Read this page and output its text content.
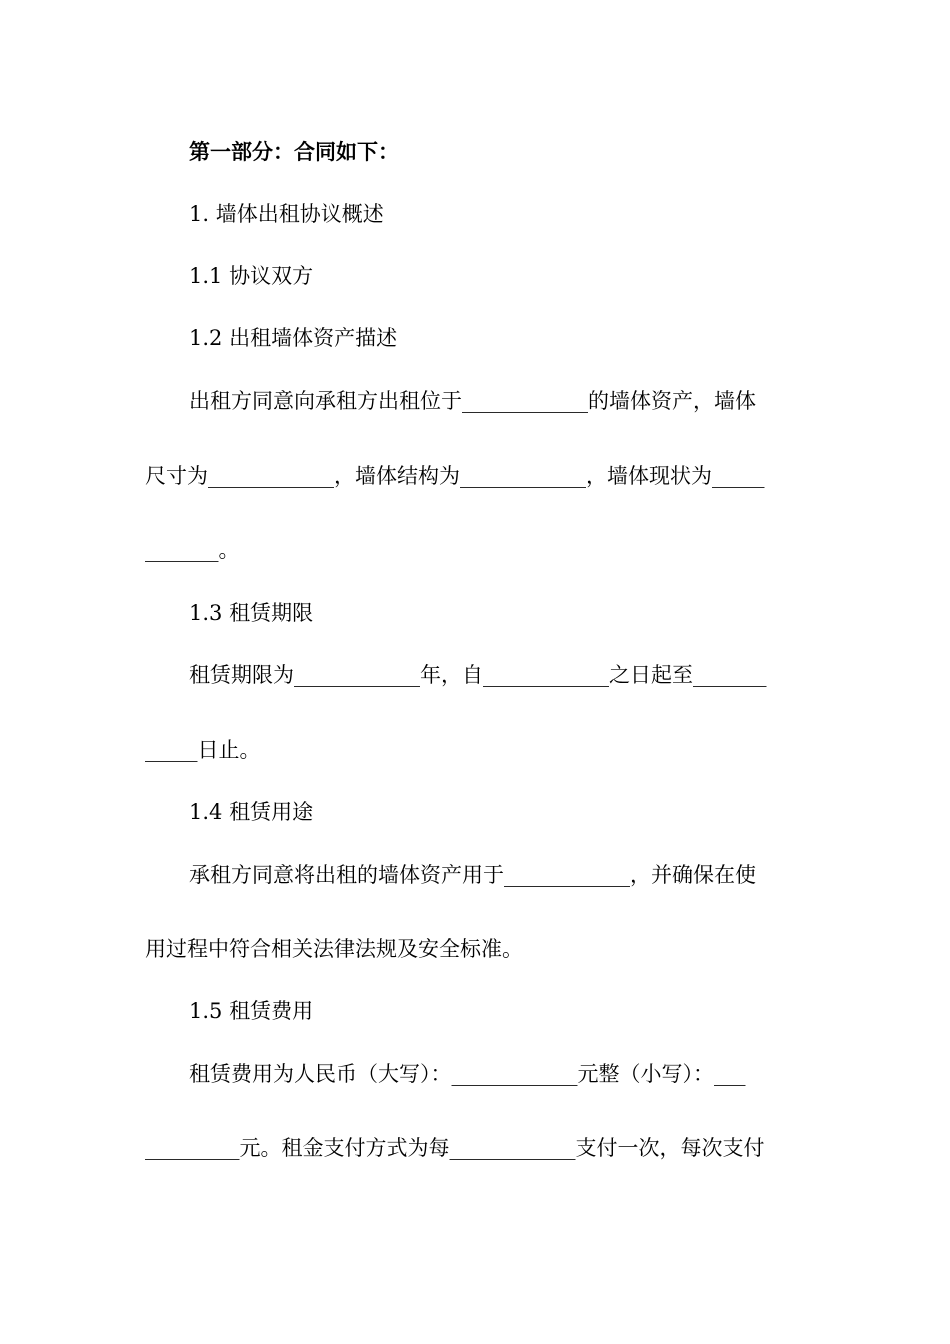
第一部分：合同如下：
1. 墙体出租协议概述
1.1 协议双方
1.2 出租墙体资产描述
出租方同意向承租方出租位于____________的墙体资产，墙体
尺寸为____________，墙体结构为____________，墙体现状为_____
_______。
1.3 租赁期限
租赁期限为____________年，自____________之日起至_______
_____日止。
1.4 租赁用途
承租方同意将出租的墙体资产用于____________，并确保在使
用过程中符合相关法律法规及安全标准。
1.5 租赁费用
租赁费用为人民币（大写）：____________元整（小写）：___
_________元。租金支付方式为每____________支付一次，每次支付
